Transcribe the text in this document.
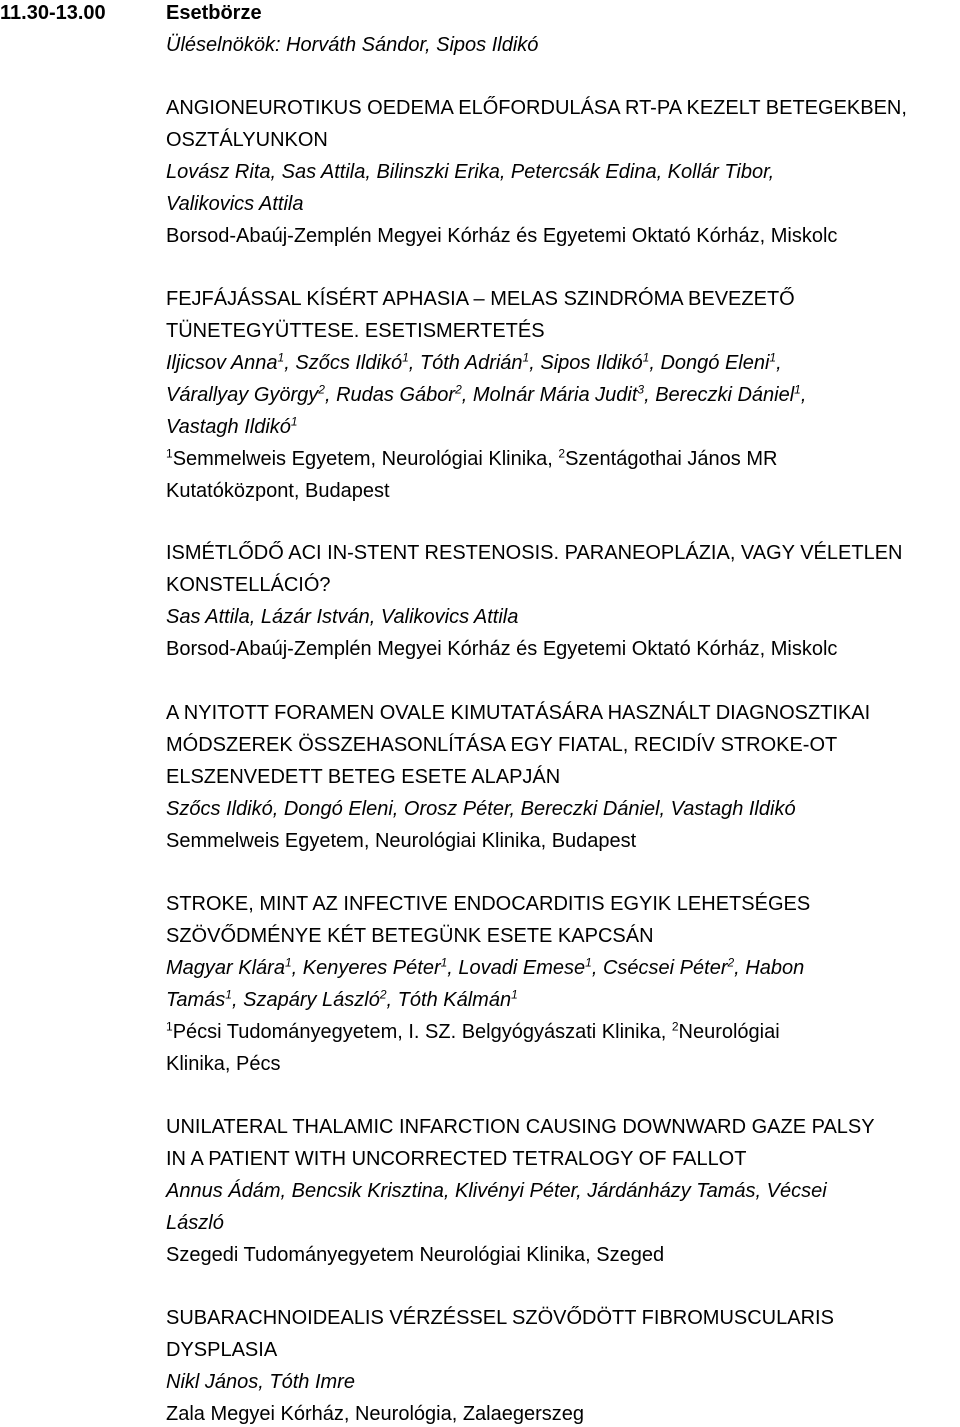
11.30-13.00	Esetbörze
Üléselnökök: Horváth Sándor, Sipos Ildikó
ANGIONEUROTIKUS OEDEMA ELŐFORDULÁSA RT-PA KEZELT BETEGEKBEN,
OSZTÁLYUNKON
Lovász Rita, Sas Attila, Bilinszki Erika, Petercsák Edina, Kollár Tibor,
Valikovics Attila
Borsod-Abaúj-Zemplén Megyei Kórház és Egyetemi Oktató Kórház, Miskolc
FEJFÁJÁSSAL KÍSÉRT APHASIA – MELAS SZINDRÓMA BEVEZETŐ
TÜNETEGYÜTTESE. ESETISMERTETÉS
Iljicsov Anna$^1$, Szőcs Ildikó$^1$, Tóth Adrián$^1$, Sipos Ildikó$^1$, Dongó Eleni$^1$,
Várallyay György$^2$, Rudas Gábor$^2$, Molnár Mária Judit$^3$, Bereczki Dániel$^1$,
Vastagh Ildikó$^1$
$^1$Semmelweis Egyetem, Neurológiai Klinika, $^2$Szentágothai János MR
Kutatóközpont, Budapest
ISMÉTLŐDŐ ACI IN-STENT RESTENOSIS. PARANEOPLÁZIA, VAGY VÉLETLEN
KONSTELLÁCIÓ?
Sas Attila, Lázár István, Valikovics Attila
Borsod-Abaúj-Zemplén Megyei Kórház és Egyetemi Oktató Kórház, Miskolc
A NYITOTT FORAMEN OVALE KIMUTATÁSÁRA HASZNÁLT DIAGNOSZTIKAI
MÓDSZEREK ÖSSZEHASONLÍTÁSA EGY FIATAL, RECIDÍV STROKE-OT
ELSZENVEDETT BETEG ESETE ALAPJÁN
Szőcs Ildikó, Dongó Eleni, Orosz Péter, Bereczki Dániel, Vastagh Ildikó
Semmelweis Egyetem, Neurológiai Klinika, Budapest
STROKE, MINT AZ INFECTIVE ENDOCARDITIS EGYIK LEHETSÉGES
SZÖVŐDMÉNYE KÉT BETEGÜNK ESETE KAPCSÁN
Magyar Klára$^1$, Kenyeres Péter$^1$, Lovadi Emese$^1$, Csécsei Péter$^2$, Habon
Tamás$^1$, Szapáry László$^2$, Tóth Kálmán$^1$
$^1$Pécsi Tudományegyetem, I. SZ. Belgyógyászati Klinika, $^2$Neurológiai
Klinika, Pécs
UNILATERAL THALAMIC INFARCTION CAUSING DOWNWARD GAZE PALSY
IN A PATIENT WITH UNCORRECTED TETRALOGY OF FALLOT
Annus Ádám, Bencsik Krisztina, Klivényi Péter, Járdánházy Tamás, Vécsei
László
Szegedi Tudományegyetem Neurológiai Klinika, Szeged
SUBARACHNOIDEALIS VÉRZÉSSEL SZÖVŐDÖTT FIBROMUSCULARIS
DYSPLASIA
Nikl János, Tóth Imre
Zala Megyei Kórház, Neurológia, Zalaegerszeg
